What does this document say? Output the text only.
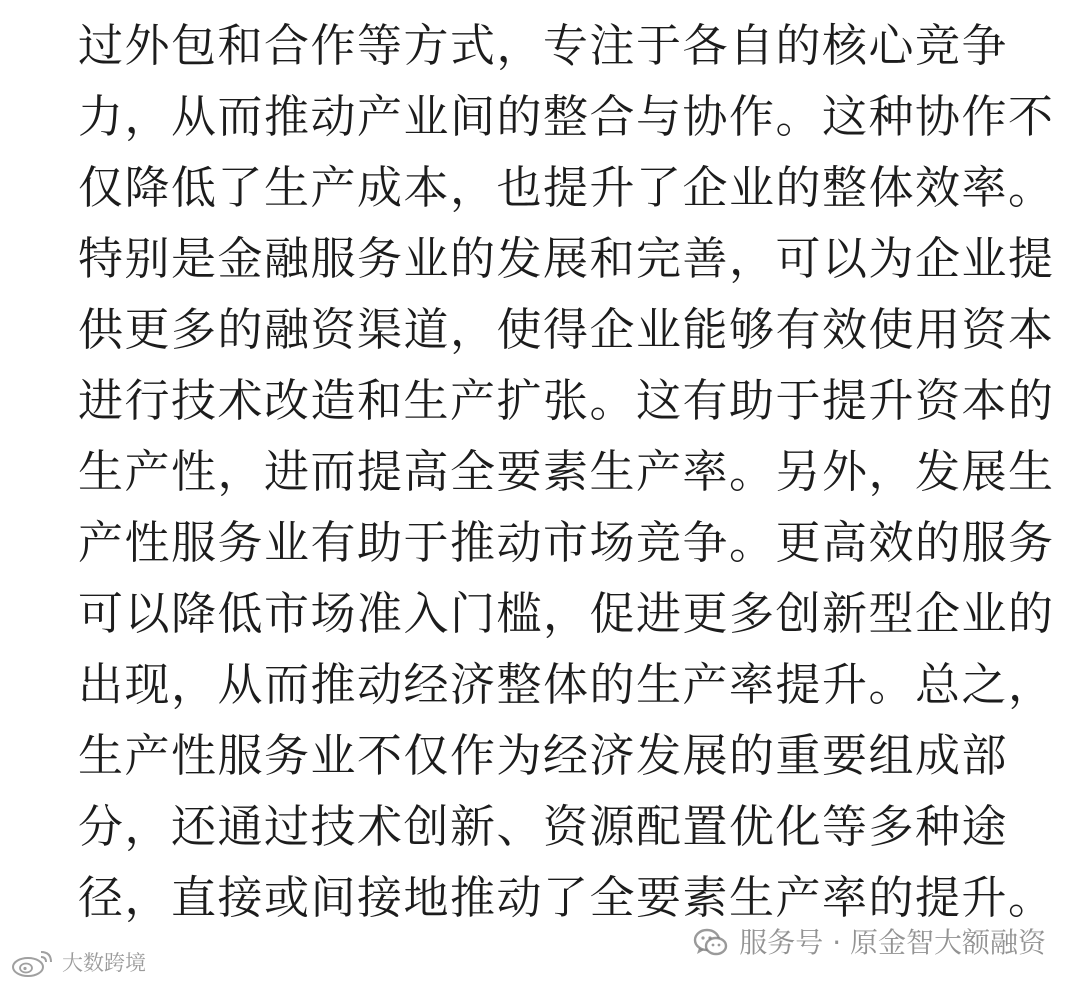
过外包和合作等方式，专注于各自的核心竞争
力，从而推动产业间的整合与协作。这种协作不
仅降低了生产成本，也提升了企业的整体效率。
特别是金融服务业的发展和完善，可以为企业提
供更多的融资渠道，使得企业能够有效使用资本
进行技术改造和生产扩张。这有助于提升资本的
生产性，进而提高全要素生产率。另外，发展生
产性服务业有助于推动市场竞争。更高效的服务
可以降低市场准入门槛，促进更多创新型企业的
出现，从而推动经济整体的生产率提升。总之，
生产性服务业不仅作为经济发展的重要组成部
分，还通过技术创新、资源配置优化等多种途
径，直接或间接地推动了全要素生产率的提升。
服务号 · 原金智大额融资
大数跨境
